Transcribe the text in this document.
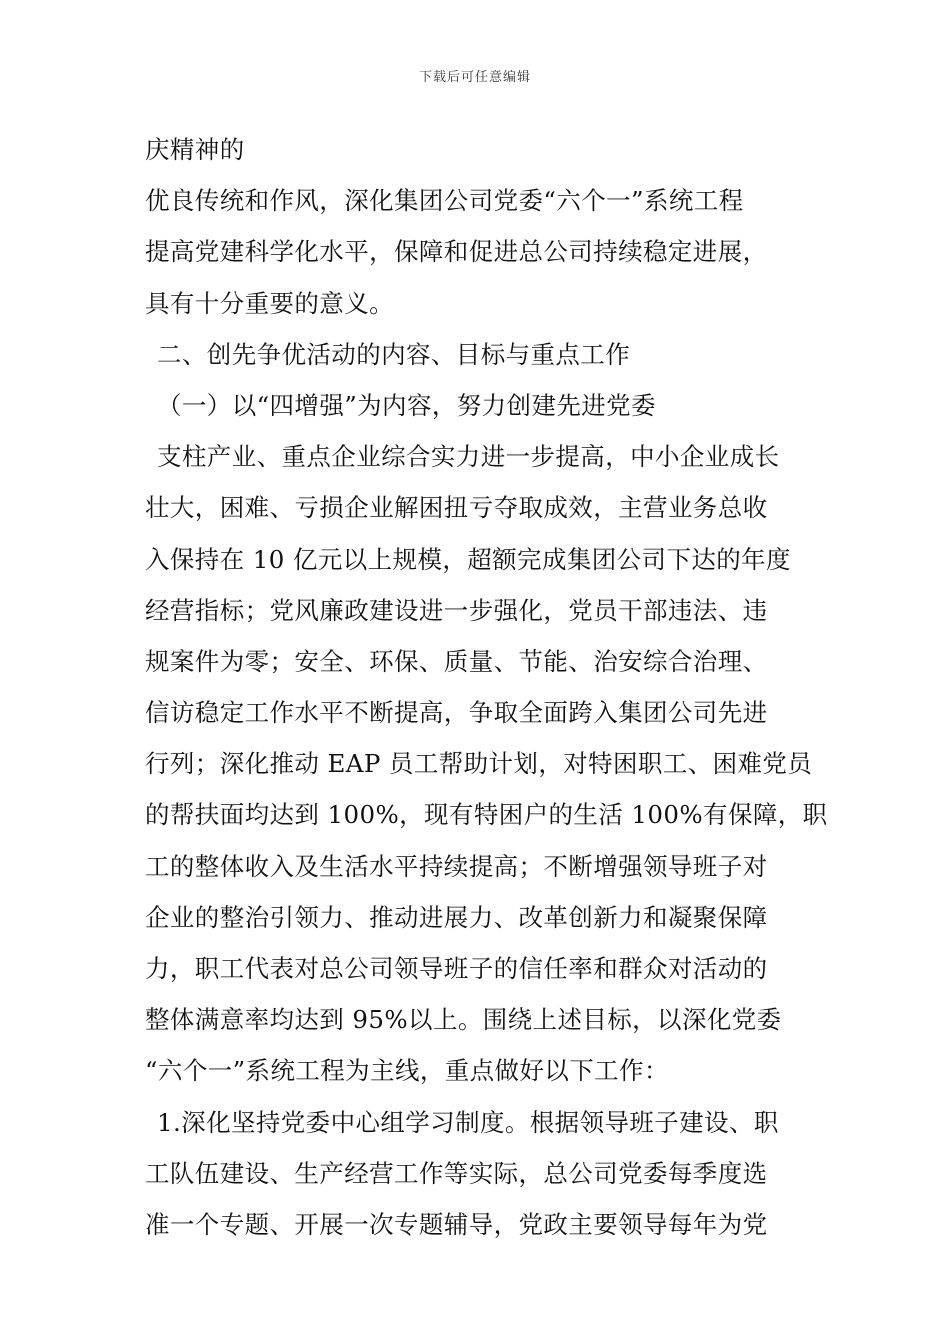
下载后可任意编辑
庆精神的
优良传统和作风，深化集团公司党委“六个一”系统工程
提高党建科学化水平，保障和促进总公司持续稳定进展，
具有十分重要的意义。
二、创先争优活动的内容、目标与重点工作
（一）以“四增强”为内容，努力创建先进党委
支柱产业、重点企业综合实力进一步提高，中小企业成长
壮大，困难、亏损企业解困扭亏夺取成效，主营业务总收
入保持在 10 亿元以上规模，超额完成集团公司下达的年度
经营指标；党风廉政建设进一步强化，党员干部违法、违
规案件为零；安全、环保、质量、节能、治安综合治理、
信访稳定工作水平不断提高，争取全面跨入集团公司先进
行列；深化推动 EAP 员工帮助计划，对特困职工、困难党员
的帮扶面均达到 100%，现有特困户的生活 100%有保障，职
工的整体收入及生活水平持续提高；不断增强领导班子对
企业的整治引领力、推动进展力、改革创新力和凝聚保障
力，职工代表对总公司领导班子的信任率和群众对活动的
整体满意率均达到 95%以上。围绕上述目标，以深化党委
“六个一”系统工程为主线，重点做好以下工作：
1.深化坚持党委中心组学习制度。根据领导班子建设、职
工队伍建设、生产经营工作等实际，总公司党委每季度选
准一个专题、开展一次专题辅导，党政主要领导每年为党
